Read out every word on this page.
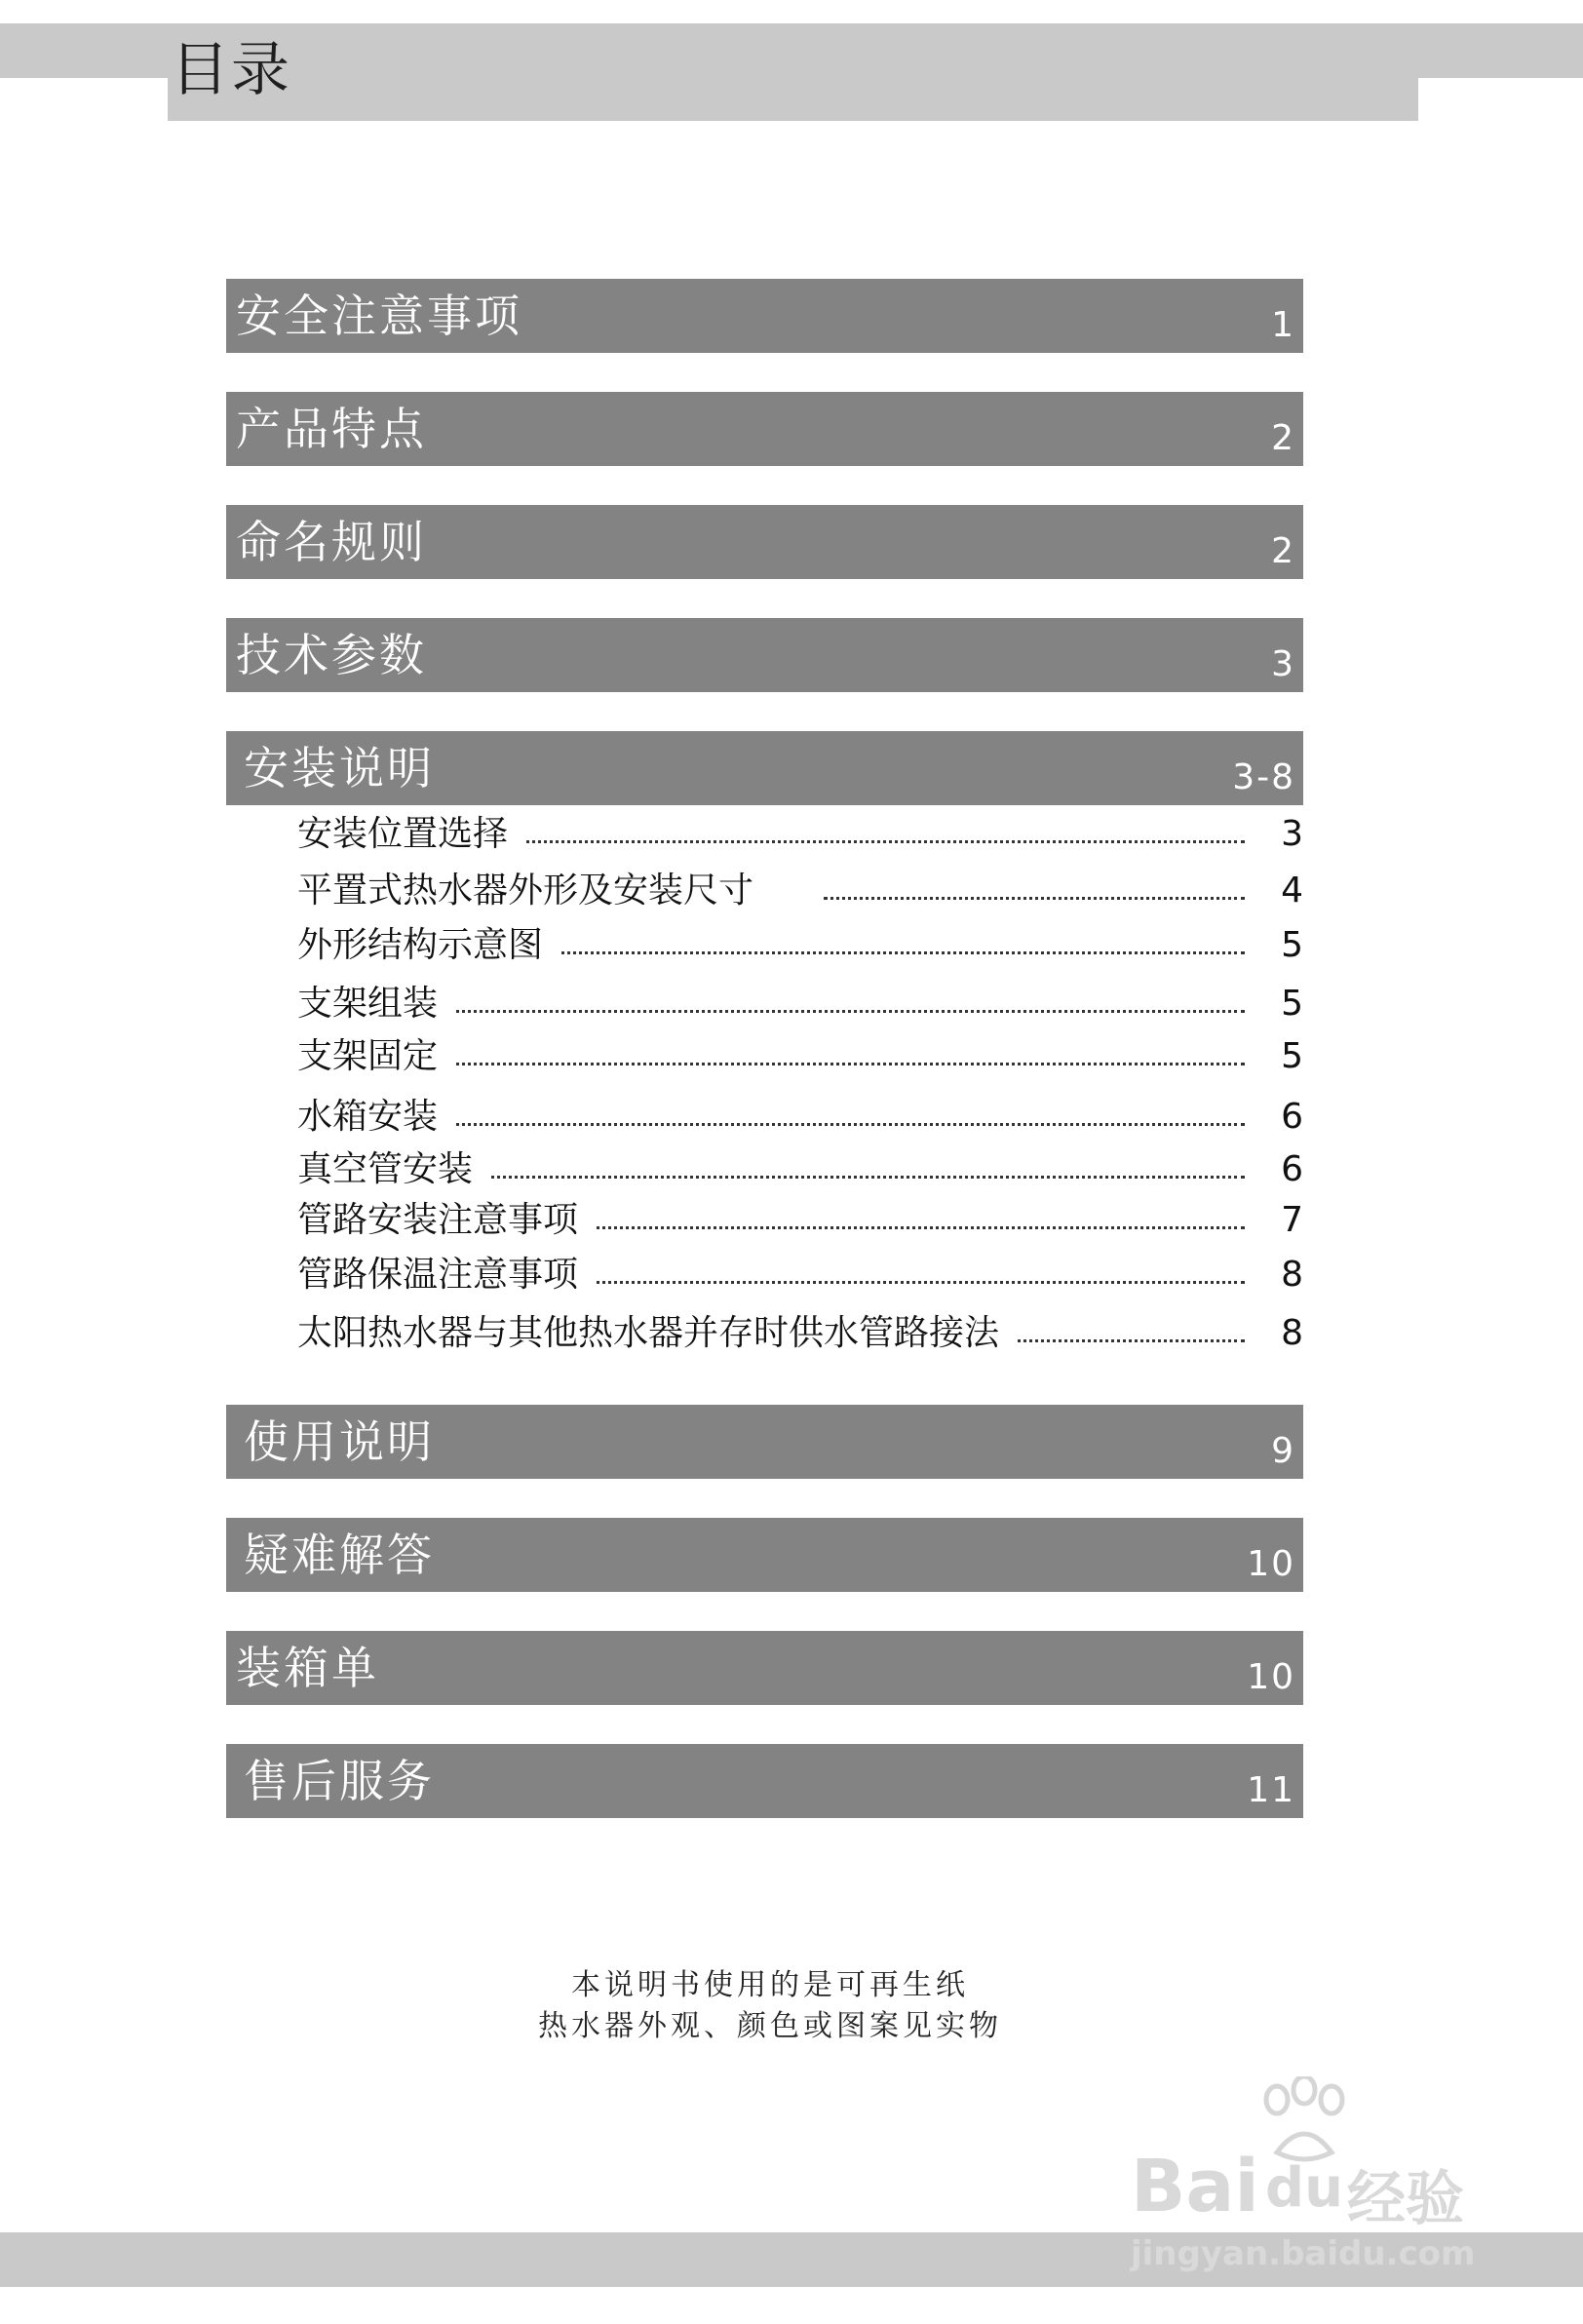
目录
安全注意事项	1
产品特点	2
命名规则	2
技术参数	3
安装说明	3-8
安装位置选择	3
平置式热水器外形及安装尺寸	4
外形结构示意图	5
支架组装	5
支架固定	5
水箱安装	6
真空管安装	6
管路安装注意事项	7
管路保温注意事项	8
太阳热水器与其他热水器并存时供水管路接法	8
使用说明	9
疑难解答	10
装箱单	10
售后服务	11
本说明书使用的是可再生纸
热水器外观、颜色或图案见实物
Bai du 经验
jingyan.baidu.com
